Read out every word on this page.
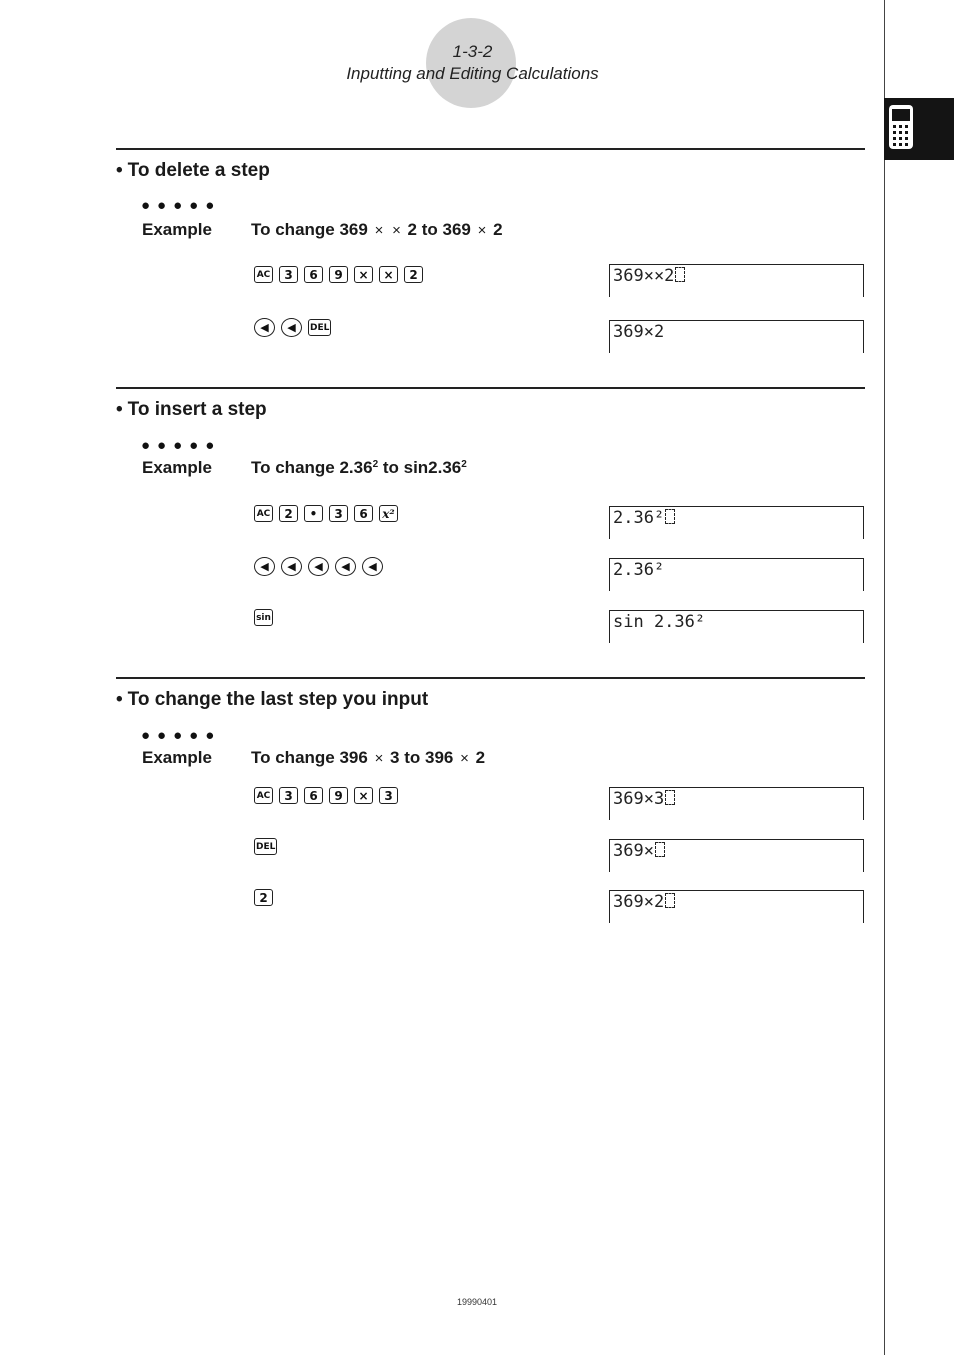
1-3-2
Inputting and Editing Calculations
• To delete a step
●●●●●
Example To change 369 × × 2 to 369 × 2
AC	3	6	9	×	×	2	369××2
◀	◀	DEL	369×2
• To insert a step
●●●●●
Example To change 2.36$^2$ to sin2.36$^2$
AC	2	•	3	6	x²	2.36²
◀	◀	◀	◀	◀	2.36²
sin	sin 2.36²
• To change the last step you input
●●●●●
Example To change 396 × 3 to 396 × 2
AC	3	6	9	×	3	369×3
DEL	369×
2	369×2
19990401
